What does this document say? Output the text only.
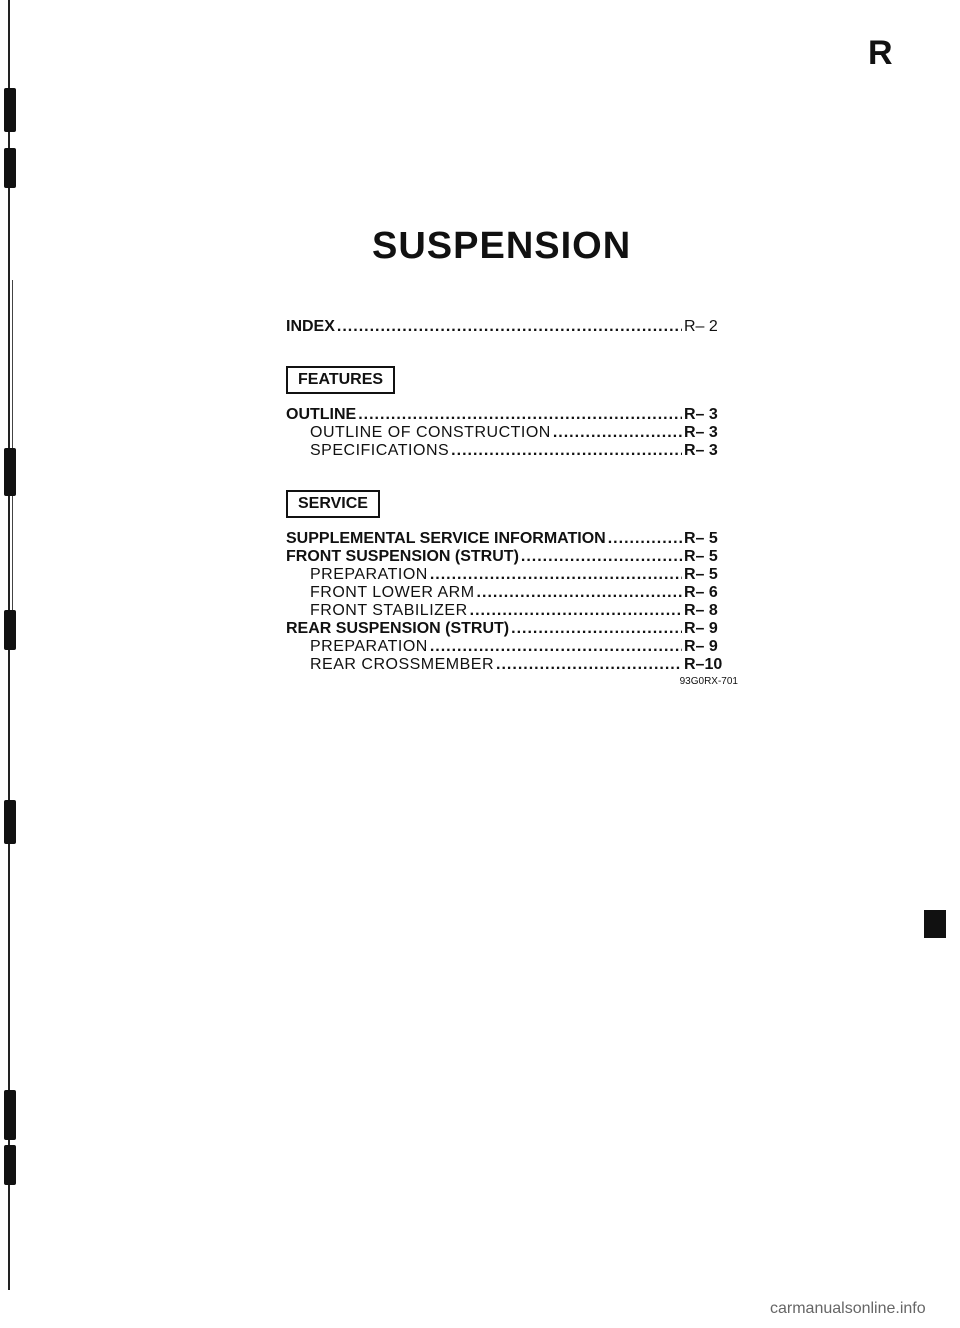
R
SUSPENSION
INDEX .....	R– 2
FEATURES
OUTLINE .....	R– 3
OUTLINE OF CONSTRUCTION .....	R– 3
SPECIFICATIONS .....	R– 3
SERVICE
SUPPLEMENTAL SERVICE INFORMATION .....	R– 5
FRONT SUSPENSION (STRUT) .....	R– 5
PREPARATION .....	R– 5
FRONT LOWER ARM .....	R– 6
FRONT STABILIZER .....	R– 8
REAR SUSPENSION (STRUT) .....	R– 9
PREPARATION .....	R– 9
REAR CROSSMEMBER .....	R–10
93G0RX-701
carmanualsonline.info
